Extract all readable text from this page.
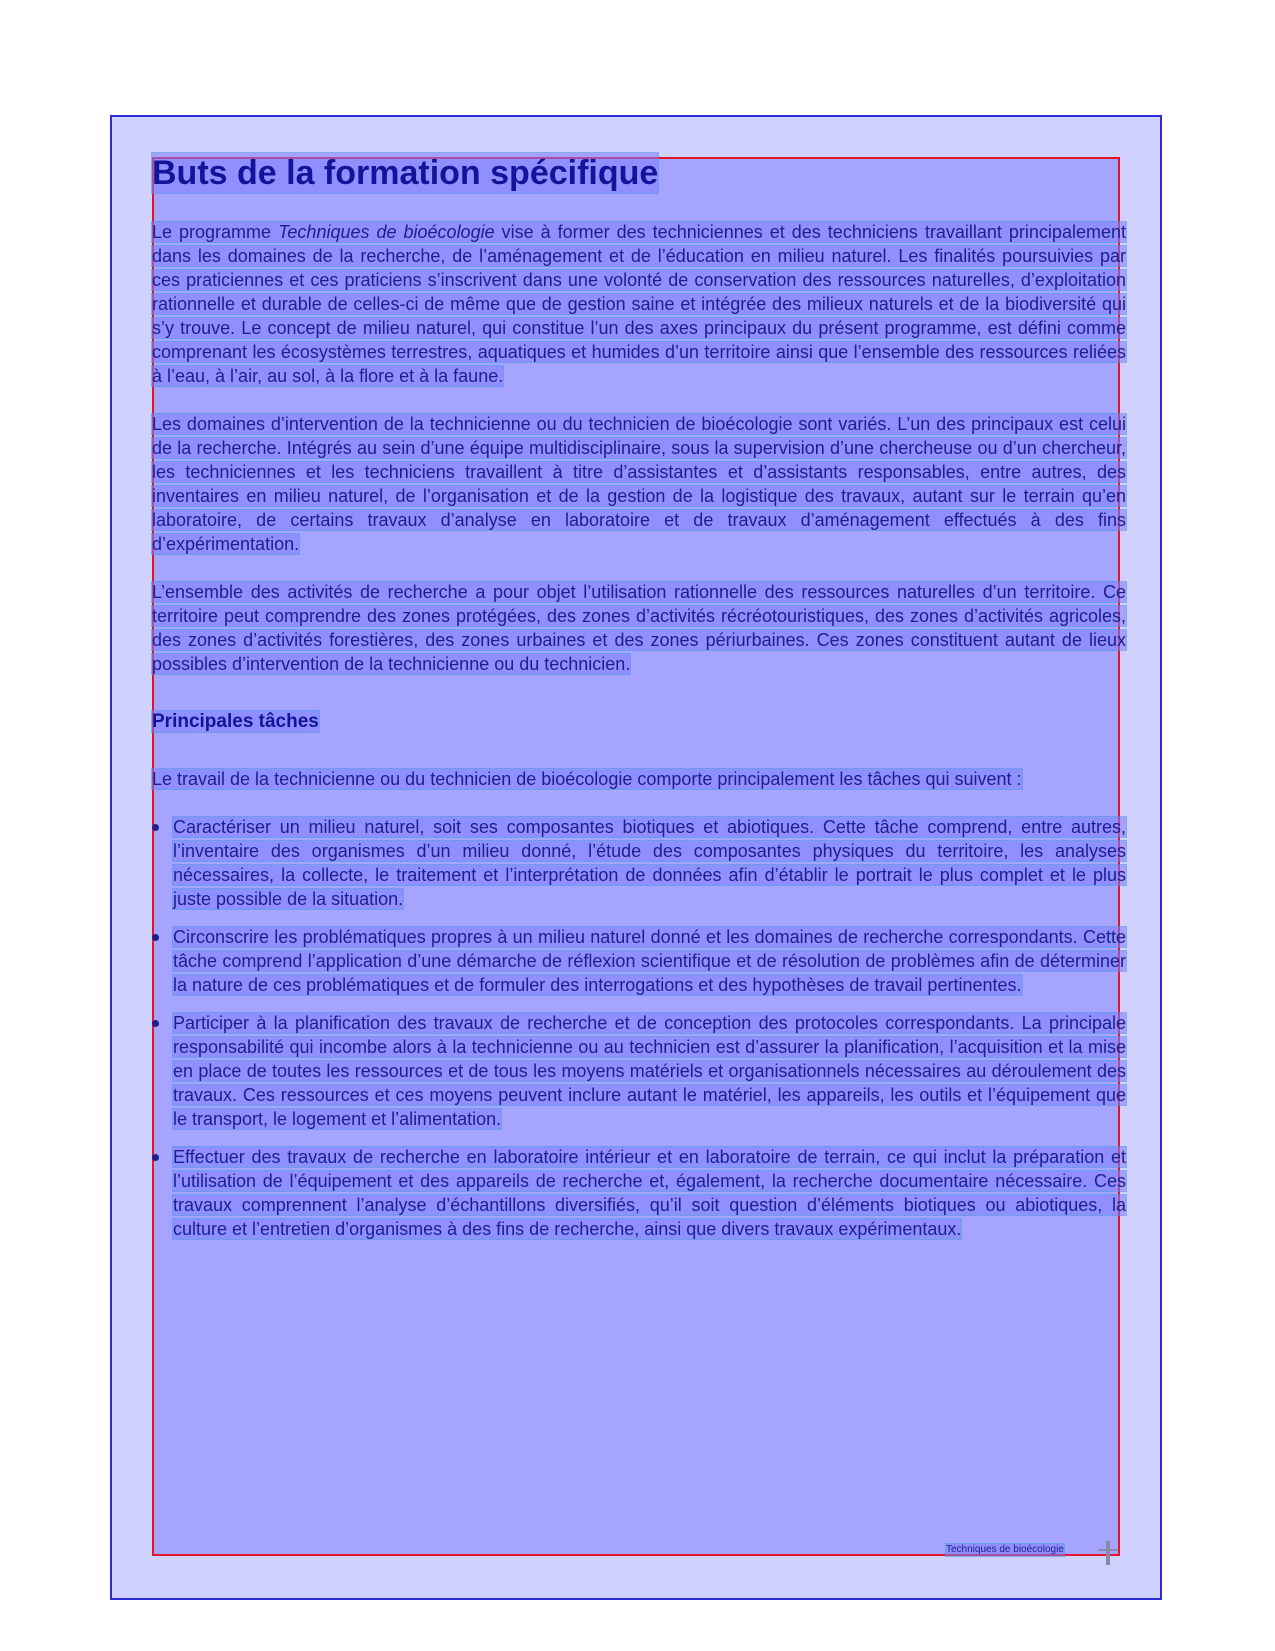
Buts de la formation spécifique

Le programme Techniques de bioécologie vise à former des techniciennes et des techniciens travaillant principalement dans les domaines de la recherche, de l’aménagement et de l’éducation en milieu naturel. Les finalités poursuivies par ces praticiennes et ces praticiens s’inscrivent dans une volonté de conservation des ressources naturelles, d’exploitation rationnelle et durable de celles-ci de même que de gestion saine et intégrée des milieux naturels et de la biodiversité qui s’y trouve. Le concept de milieu naturel, qui constitue l’un des axes principaux du présent programme, est défini comme comprenant les écosystèmes terrestres, aquatiques et humides d’un territoire ainsi que l’ensemble des ressources reliées à l’eau, à l’air, au sol, à la flore et à la faune.

Les domaines d’intervention de la technicienne ou du technicien de bioécologie sont variés. L’un des principaux est celui de la recherche. Intégrés au sein d’une équipe multidisciplinaire, sous la supervision d’une chercheuse ou d’un chercheur, les techniciennes et les techniciens travaillent à titre d’assistantes et d’assistants responsables, entre autres, des inventaires en milieu naturel, de l’organisation et de la gestion de la logistique des travaux, autant sur le terrain qu’en laboratoire, de certains travaux d’analyse en laboratoire et de travaux d’aménagement effectués à des fins d’expérimentation.

L’ensemble des activités de recherche a pour objet l’utilisation rationnelle des ressources naturelles d’un territoire. Ce territoire peut comprendre des zones protégées, des zones d’activités récréotouristiques, des zones d’activités agricoles, des zones d’activités forestières, des zones urbaines et des zones périurbaines. Ces zones constituent autant de lieux possibles d’intervention de la technicienne ou du technicien.

Principales tâches

Le travail de la technicienne ou du technicien de bioécologie comporte principalement les tâches qui suivent :

Caractériser un milieu naturel, soit ses composantes biotiques et abiotiques. Cette tâche comprend, entre autres, l’inventaire des organismes d’un milieu donné, l’étude des composantes physiques du territoire, les analyses nécessaires, la collecte, le traitement et l’interprétation de données afin d’établir le portrait le plus complet et le plus juste possible de la situation.
Circonscrire les problématiques propres à un milieu naturel donné et les domaines de recherche correspondants. Cette tâche comprend l’application d’une démarche de réflexion scientifique et de résolution de problèmes afin de déterminer la nature de ces problématiques et de formuler des interrogations et des hypothèses de travail pertinentes.
Participer à la planification des travaux de recherche et de conception des protocoles correspondants. La principale responsabilité qui incombe alors à la technicienne ou au technicien est d’assurer la planification, l’acquisition et la mise en place de toutes les ressources et de tous les moyens matériels et organisationnels nécessaires au déroulement des travaux. Ces ressources et ces moyens peuvent inclure autant le matériel, les appareils, les outils et l’équipement que le transport, le logement et l’alimentation.
Effectuer des travaux de recherche en laboratoire intérieur et en laboratoire de terrain, ce qui inclut la préparation et l’utilisation de l’équipement et des appareils de recherche et, également, la recherche documentaire nécessaire. Ces travaux comprennent l’analyse d’échantillons diversifiés, qu’il soit question d’éléments biotiques ou abiotiques, la culture et l’entretien d’organismes à des fins de recherche, ainsi que divers travaux expérimentaux.
Techniques de bioécologie
